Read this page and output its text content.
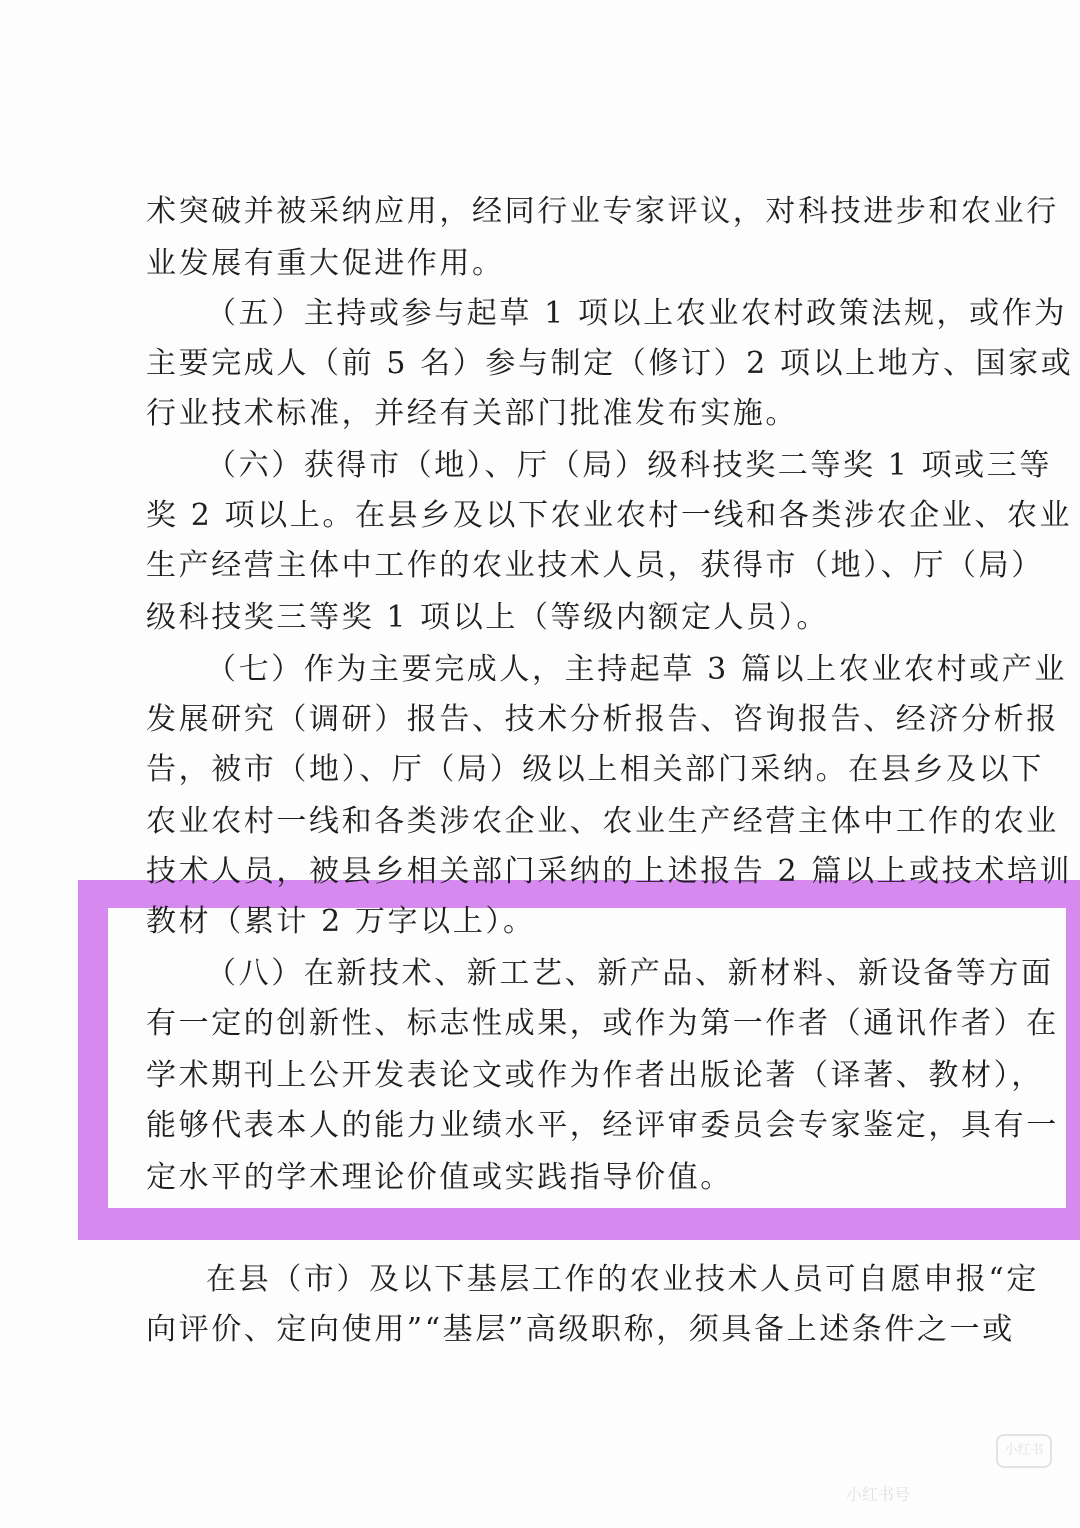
术突破并被采纳应用，经同行业专家评议，对科技进步和农业行
业发展有重大促进作用。
（五）主持或参与起草 1 项以上农业农村政策法规，或作为
主要完成人（前 5 名）参与制定（修订）2 项以上地方、国家或
行业技术标准，并经有关部门批准发布实施。
（六）获得市（地）、厅（局）级科技奖二等奖 1 项或三等
奖 2 项以上。在县乡及以下农业农村一线和各类涉农企业、农业
生产经营主体中工作的农业技术人员，获得市（地）、厅（局）
级科技奖三等奖 1 项以上（等级内额定人员）。
（七）作为主要完成人，主持起草 3 篇以上农业农村或产业
发展研究（调研）报告、技术分析报告、咨询报告、经济分析报
告，被市（地）、厅（局）级以上相关部门采纳。在县乡及以下
农业农村一线和各类涉农企业、农业生产经营主体中工作的农业
技术人员，被县乡相关部门采纳的上述报告 2 篇以上或技术培训
教材（累计 2 万字以上）。
（八）在新技术、新工艺、新产品、新材料、新设备等方面
有一定的创新性、标志性成果，或作为第一作者（通讯作者）在
学术期刊上公开发表论文或作为作者出版论著（译著、教材），
能够代表本人的能力业绩水平，经评审委员会专家鉴定，具有一
定水平的学术理论价值或实践指导价值。
在县（市）及以下基层工作的农业技术人员可自愿申报“定
向评价、定向使用”“基层”高级职称，须具备上述条件之一或
小红书
小红书号
